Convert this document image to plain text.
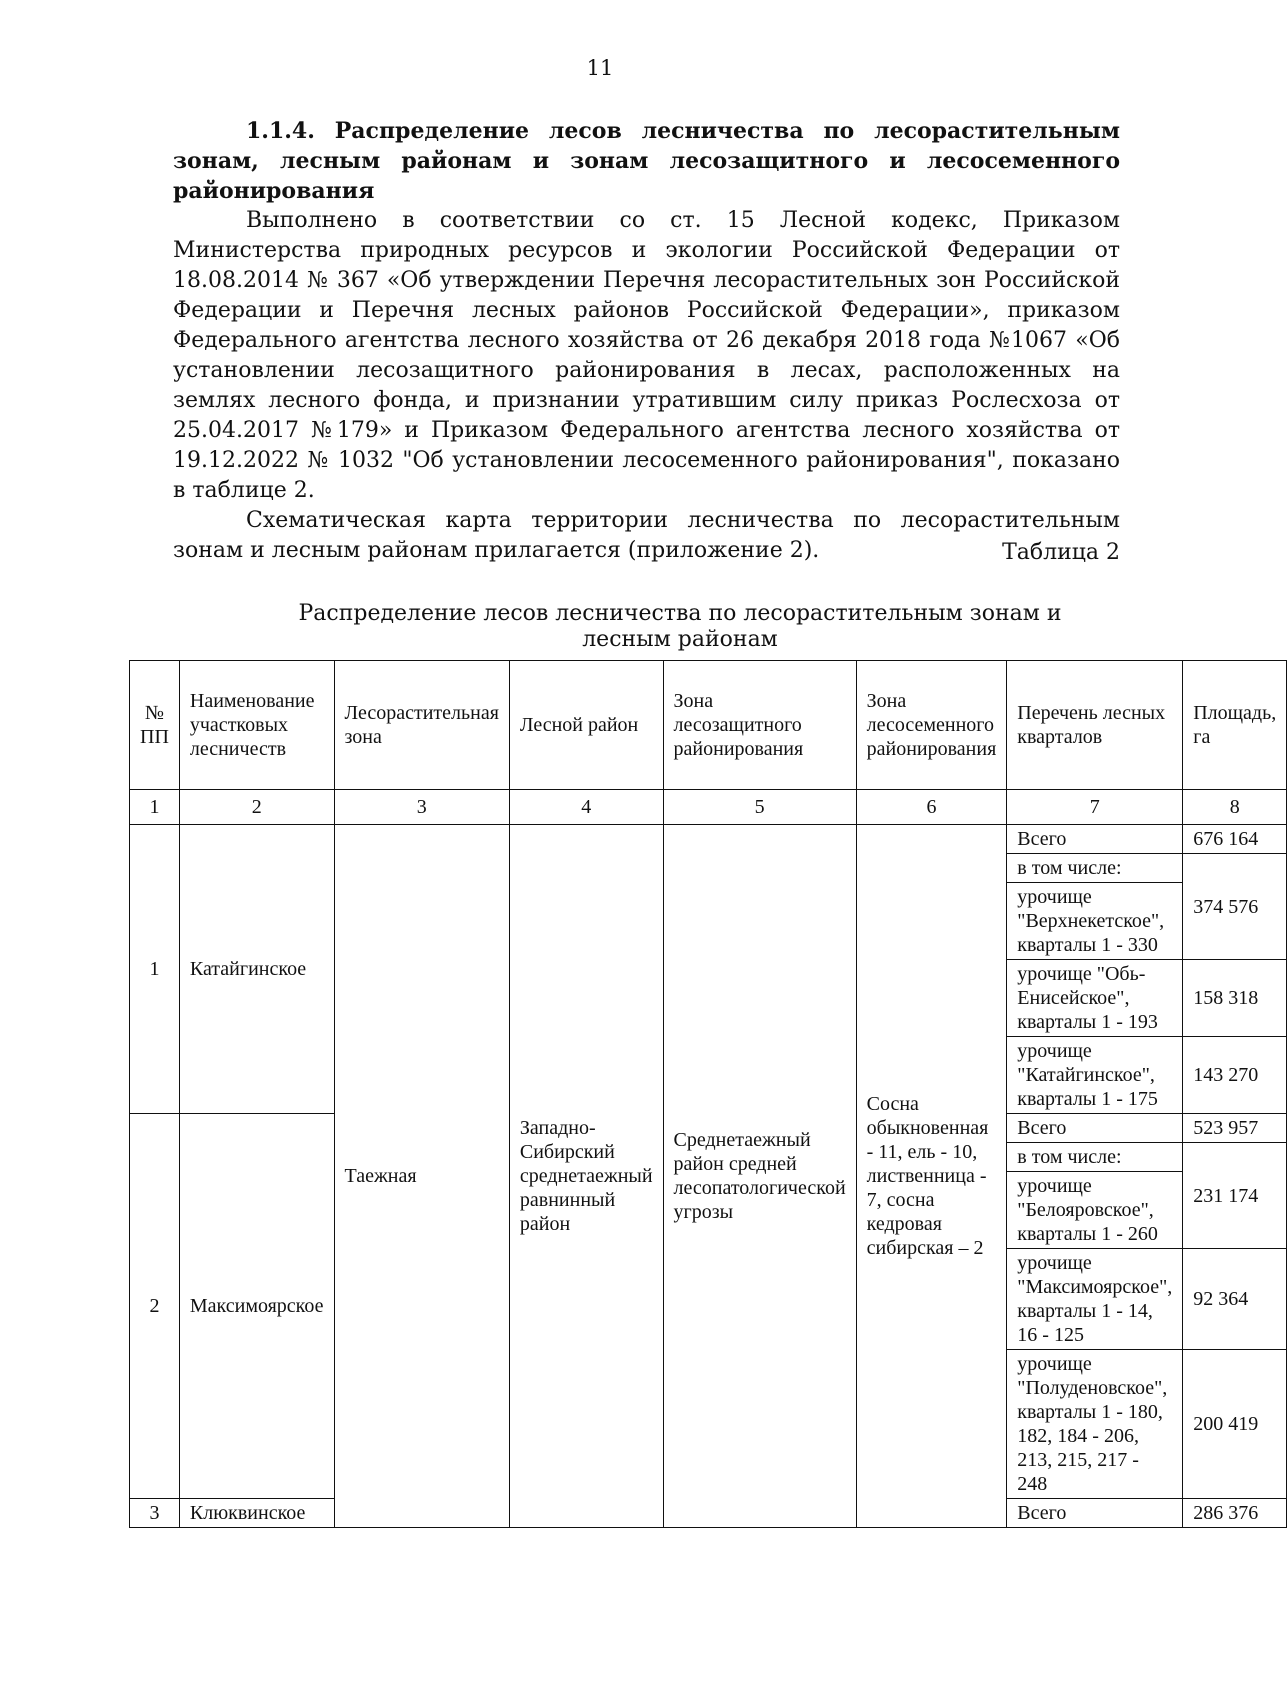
11

1.1.4. Распределение лесов лесничества по лесорастительным зонам, лесным районам и зонам лесозащитного и лесосеменного районирования

Выполнено в соответствии со ст. 15 Лесной кодекс, Приказом Министерства природных ресурсов и экологии Российской Федерации от 18.08.2014 № 367 «Об утверждении Перечня лесорастительных зон Российской Федерации и Перечня лесных районов Российской Федерации», приказом Федерального агентства лесного хозяйства от 26 декабря 2018 года №1067 «Об установлении лесозащитного районирования в лесах, расположенных на землях лесного фонда, и признании утратившим силу приказ Рослесхоза от 25.04.2017 №179» и Приказом Федерального агентства лесного хозяйства от 19.12.2022 № 1032 "Об установлении лесосеменного районирования", показано в таблице 2.

Схематическая карта территории лесничества по лесорастительным зонам и лесным районам прилагается (приложение 2).	Таблица 2
Распределение лесов лесничества по лесорастительным зонам и лесным районам
№ ПП	Наименование участковых лесничеств	Лесорастительная зона	Лесной район	Зона лесозащитного районирования	Зона лесосеменного районирования	Перечень лесных кварталов	Площадь, га
1	2	3	4	5	6	7	8
1	Катайгинское	Таежная	Западно-Сибирский среднетаежный равнинный район	Среднетаежный район средней лесопатологической угрозы	Сосна обыкновенная - 11, ель - 10, лиственница - 7, сосна кедровая сибирская – 2	Всего	676 164
						в том числе:	374 576
						урочище "Верхнекетское", кварталы 1 - 330	
						урочище "Обь-Енисейское", кварталы 1 - 193	158 318
						урочище "Катайгинское", кварталы 1 - 175	143 270
2	Максимоярское					Всего	523 957
						в том числе:	231 174
						урочище "Белояровское", кварталы 1 - 260	
						урочище "Максимоярское", кварталы 1 - 14, 16 - 125	92 364
						урочище "Полуденовское", кварталы 1 - 180, 182, 184 - 206, 213, 215, 217 - 248	200 419
3	Клюквинское					Всего	286 376
